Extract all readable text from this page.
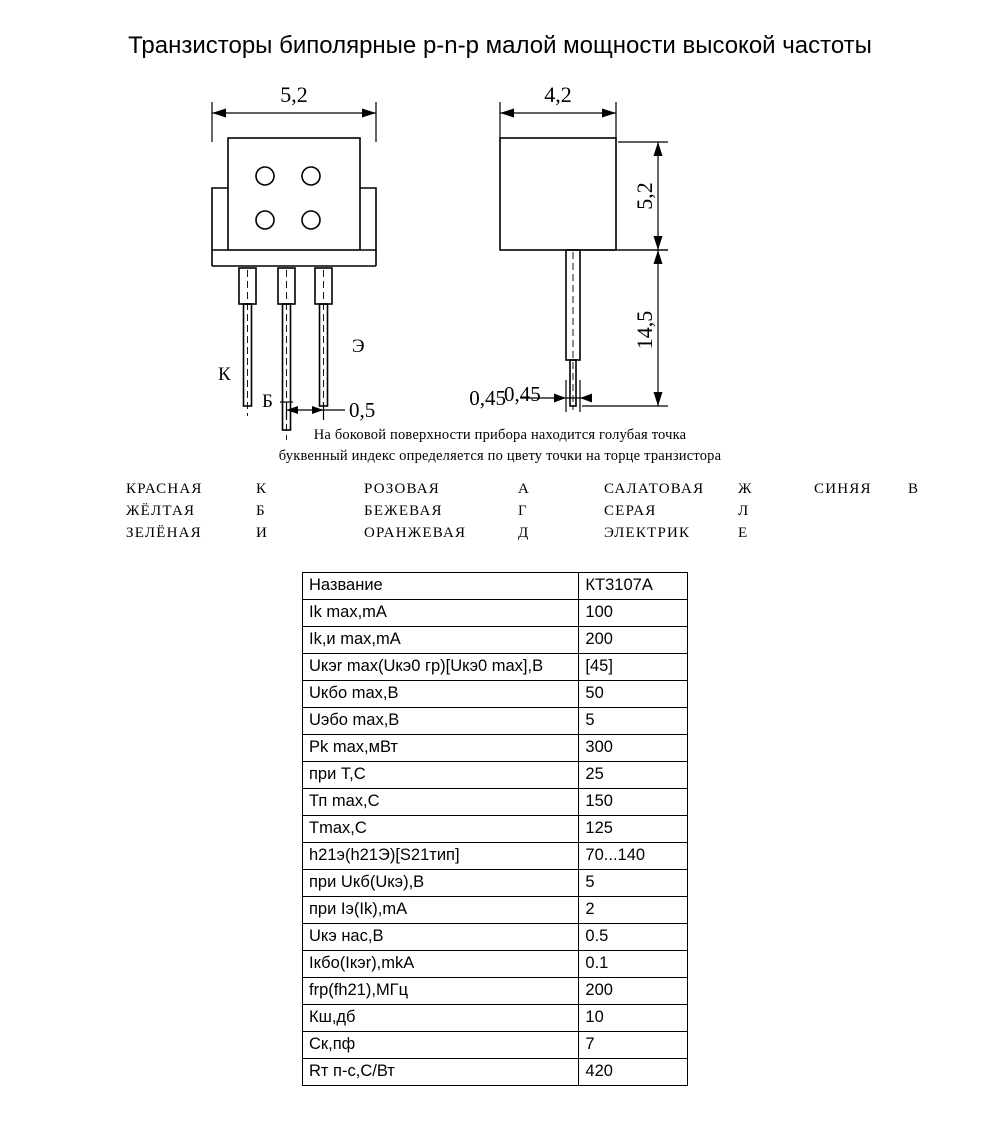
Транзисторы биполярные p-n-p малой мощности высокой частоты
5,2
0,5
К
Б
Э
4,2
5,2
14,5
0,45
0,45
На боковой поверхности прибора находится голубая точка
буквенный индекс определяется по цвету точки на торце транзистора
КРАСНАЯ	К	РОЗОВАЯ	А	САЛАТОВАЯ	Ж	СИНЯЯ	В
ЖЁЛТАЯ	Б	БЕЖЕВАЯ	Г	СЕРАЯ	Л		
ЗЕЛЁНАЯ	И	ОРАНЖЕВАЯ	Д	ЭЛЕКТРИК	Е		
Название	КТ3107А
Ik max,mA	100
Ik,и max,mA	200
Uкэr max(Uкэ0 гр)[Uкэ0 max],B	[45]
Uкбо max,B	50
Uэбо max,B	5
Pk max,мВт	300
при Т,С	25
Тп max,С	150
Тmax,С	125
h21э(h21Э)[S21тип]	70...140
при Uкб(Uкэ),В	5
при Iэ(Ik),mA	2
Uкэ нас,В	0.5
Iкбо(Iкэr),mkA	0.1
frp(fh21),МГц	200
Кш,дб	10
Ск,пф	7
Rт п-с,С/Вт	420
